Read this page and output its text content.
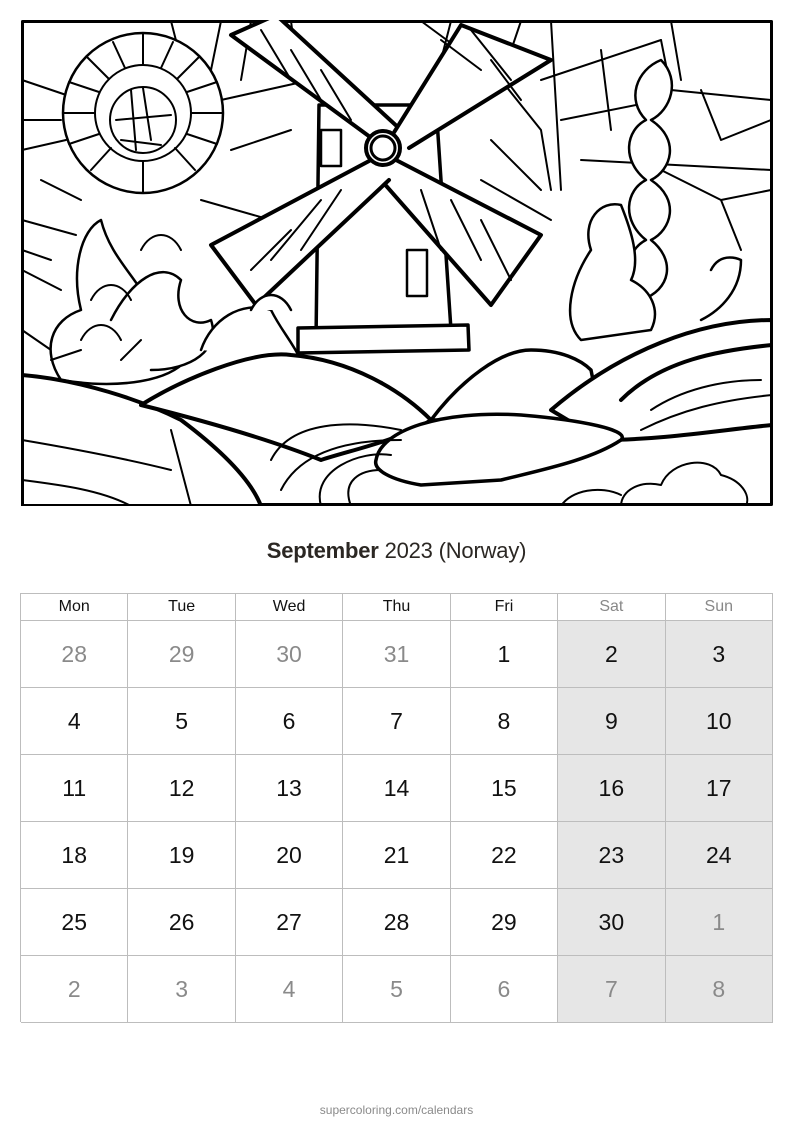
September 2023 (Norway)
Mon	Tue	Wed	Thu	Fri	Sat	Sun
28	29	30	31	1	2	3
4	5	6	7	8	9	10
11	12	13	14	15	16	17
18	19	20	21	22	23	24
25	26	27	28	29	30	1
2	3	4	5	6	7	8
supercoloring.com/calendars
